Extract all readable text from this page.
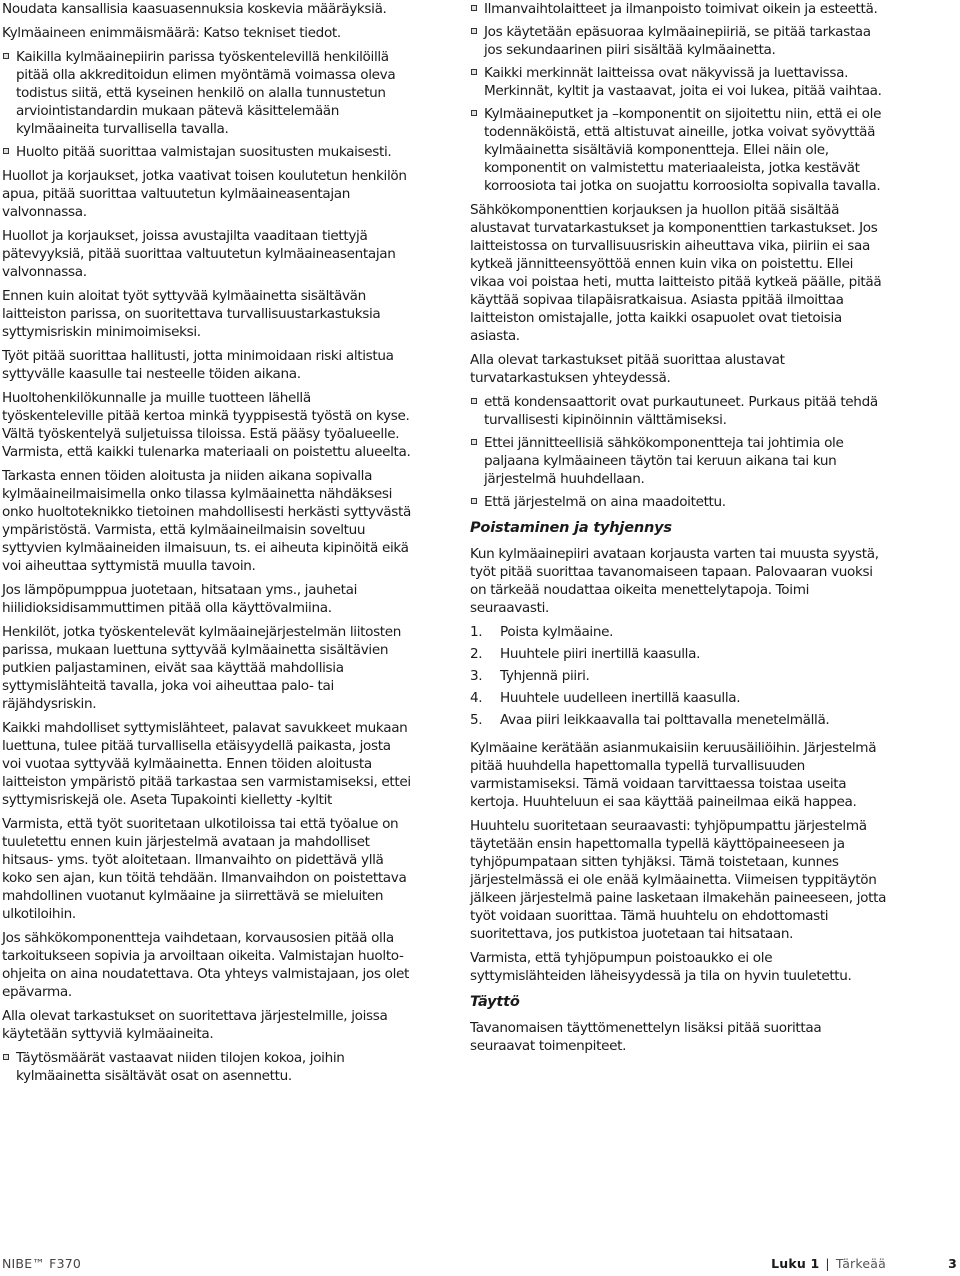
Noudata kansallisia kaasuasennuksia koskevia määräyksiä.

Kylmäaineen enimmäismäärä: Katso tekniset tiedot.

Kaikilla kylmäainepiirin parissa työskentelevillä henkilöillä pitää olla akkreditoidun elimen myöntämä voimassa oleva todistus siitä, että kyseinen henkilö on alalla tunnustetun arviointistandardin mukaan pätevä käsittelemään kylmäaineita turvallisella tavalla.
Huolto pitää suorittaa valmistajan suositusten mukaisesti.

Huollot ja korjaukset, jotka vaativat toisen koulutetun henkilön apua, pitää suorittaa valtuutetun kylmäaineasentajan valvonnassa.

Huollot ja korjaukset, joissa avustajilta vaaditaan tiettyjä pätevyyksiä, pitää suorittaa valtuutetun kylmäaineasentajan valvonnassa.

Ennen kuin aloitat työt syttyvää kylmäainetta sisältävän laitteiston parissa, on suoritettava turvallisuustarkastuksia syttymisriskin minimoimiseksi.

Työt pitää suorittaa hallitusti, jotta minimoidaan riski altistua syttyvälle kaasulle tai nesteelle töiden aikana.

Huoltohenkilökunnalle ja muille tuotteen lähellä työskenteleville pitää kertoa minkä tyyppisestä työstä on kyse. Vältä työskentelyä suljetuissa tiloissa. Estä pääsy työalueelle. Varmista, että kaikki tulenarka materiaali on poistettu alueelta.

Tarkasta ennen töiden aloitusta ja niiden aikana sopivalla kylmäaineilmaisimella onko tilassa kylmäainetta nähdäksesi onko huoltoteknikko tietoinen mahdollisesti herkästi syttyvästä ympäristöstä. Varmista, että kylmäaineilmaisin soveltuu syttyvien kylmäaineiden ilmaisuun, ts. ei aiheuta kipinöitä eikä voi aiheuttaa syttymistä muulla tavoin.

Jos lämpöpumppua juotetaan, hitsataan yms., jauhetai hiilidioksidisammuttimen pitää olla käyttövalmiina.

Henkilöt, jotka työskentelevät kylmäainejärjestelmän liitosten parissa, mukaan luettuna syttyvää kylmäainetta sisältävien putkien paljastaminen, eivät saa käyttää mahdollisia syttymislähteitä tavalla, joka voi aiheuttaa palo- tai räjähdysriskin.

Kaikki mahdolliset syttymislähteet, palavat savukkeet mukaan luettuna, tulee pitää turvallisella etäisyydellä paikasta, josta voi vuotaa syttyvää kylmäainetta. Ennen töiden aloitusta laitteiston ympäristö pitää tarkastaa sen varmistamiseksi, ettei syttymisriskejä ole. Aseta Tupakointi kielletty -kyltit

Varmista, että työt suoritetaan ulkotiloissa tai että työalue on tuuletettu ennen kuin järjestelmä avataan ja mahdolliset hitsaus- yms. työt aloitetaan. Ilmanvaihto on pidettävä yllä koko sen ajan, kun töitä tehdään. Ilmanvaihdon on poistettava mahdollinen vuotanut kylmäaine ja siirrettävä se mieluiten ulkotiloihin.

Jos sähkökomponentteja vaihdetaan, korvausosien pitää olla tarkoitukseen sopivia ja arvoiltaan oikeita. Valmistajan huolto-ohjeita on aina noudatettava. Ota yhteys valmistajaan, jos olet epävarma.

Alla olevat tarkastukset on suoritettava järjestelmille, joissa käytetään syttyviä kylmäaineita.

Täytösmäärät vastaavat niiden tilojen kokoa, joihin kylmäainetta sisältävät osat on asennettu.
Ilmanvaihtolaitteet ja ilmanpoisto toimivat oikein ja esteettä.
Jos käytetään epäsuoraa kylmäainepiiriä, se pitää tarkastaa jos sekundaarinen piiri sisältää kylmäainetta.
Kaikki merkinnät laitteissa ovat näkyvissä ja luettavissa. Merkinnät, kyltit ja vastaavat, joita ei voi lukea, pitää vaihtaa.
Kylmäaineputket ja –komponentit on sijoitettu niin, että ei ole todennäköistä, että altistuvat aineille, jotka voivat syövyttää kylmäainetta sisältäviä komponentteja. Ellei näin ole, komponentit on valmistettu materiaaleista, jotka kestävät korroosiota tai jotka on suojattu korroosiolta sopivalla tavalla.

Sähkökomponenttien korjauksen ja huollon pitää sisältää alustavat turvatarkastukset ja komponenttien tarkastukset. Jos laitteistossa on turvallisuusriskin aiheuttava vika, piiriin ei saa kytkeä jännitteensyöttöä ennen kuin vika on poistettu. Ellei vikaa voi poistaa heti, mutta laitteisto pitää kytkeä päälle, pitää käyttää sopivaa tilapäisratkaisua. Asiasta ppitää ilmoittaa laitteiston omistajalle, jotta kaikki osapuolet ovat tietoisia asiasta.

Alla olevat tarkastukset pitää suorittaa alustavat turvatarkastuksen yhteydessä.

että kondensaattorit ovat purkautuneet. Purkaus pitää tehdä turvallisesti kipinöinnin välttämiseksi.
Ettei jännitteellisiä sähkökomponentteja tai johtimia ole paljaana kylmäaineen täytön tai keruun aikana tai kun järjestelmä huuhdellaan.
Että järjestelmä on aina maadoitettu.
Poistaminen ja tyhjennys

Kun kylmäainepiiri avataan korjausta varten tai muusta syystä, työt pitää suorittaa tavanomaiseen tapaan. Palovaaran vuoksi on tärkeää noudattaa oikeita menettelytapoja. Toimi seuraavasti.

1.	Poista kylmäaine.
2.	Huuhtele piiri inertillä kaasulla.
3.	Tyhjennä piiri.
4.	Huuhtele uudelleen inertillä kaasulla.
5.	Avaa piiri leikkaavalla tai polttavalla menetelmällä.

Kylmäaine kerätään asianmukaisiin keruusäiliöihin. Järjestelmä pitää huuhdella hapettomalla typellä turvallisuuden varmistamiseksi. Tämä voidaan tarvittaessa toistaa useita kertoja. Huuhteluun ei saa käyttää paineilmaa eikä happea.

Huuhtelu suoritetaan seuraavasti: tyhjöpumpattu järjestelmä täytetään ensin hapettomalla typellä käyttöpaineeseen ja tyhjöpumpataan sitten tyhjäksi. Tämä toistetaan, kunnes järjestelmässä ei ole enää kylmäainetta. Viimeisen typpitäytön jälkeen järjestelmä paine lasketaan ilmakehän paineeseen, jotta työt voidaan suorittaa. Tämä huuhtelu on ehdottomasti suoritettava, jos putkistoa juotetaan tai hitsataan.

Varmista, että tyhjöpumpun poistoaukko ei ole syttymislähteiden läheisyydessä ja tila on hyvin tuuletettu.

Täyttö

Tavanomaisen täyttömenettelyn lisäksi pitää suorittaa seuraavat toimenpiteet.

NIBE™ F370	Luku 1 | Tärkeää	3
